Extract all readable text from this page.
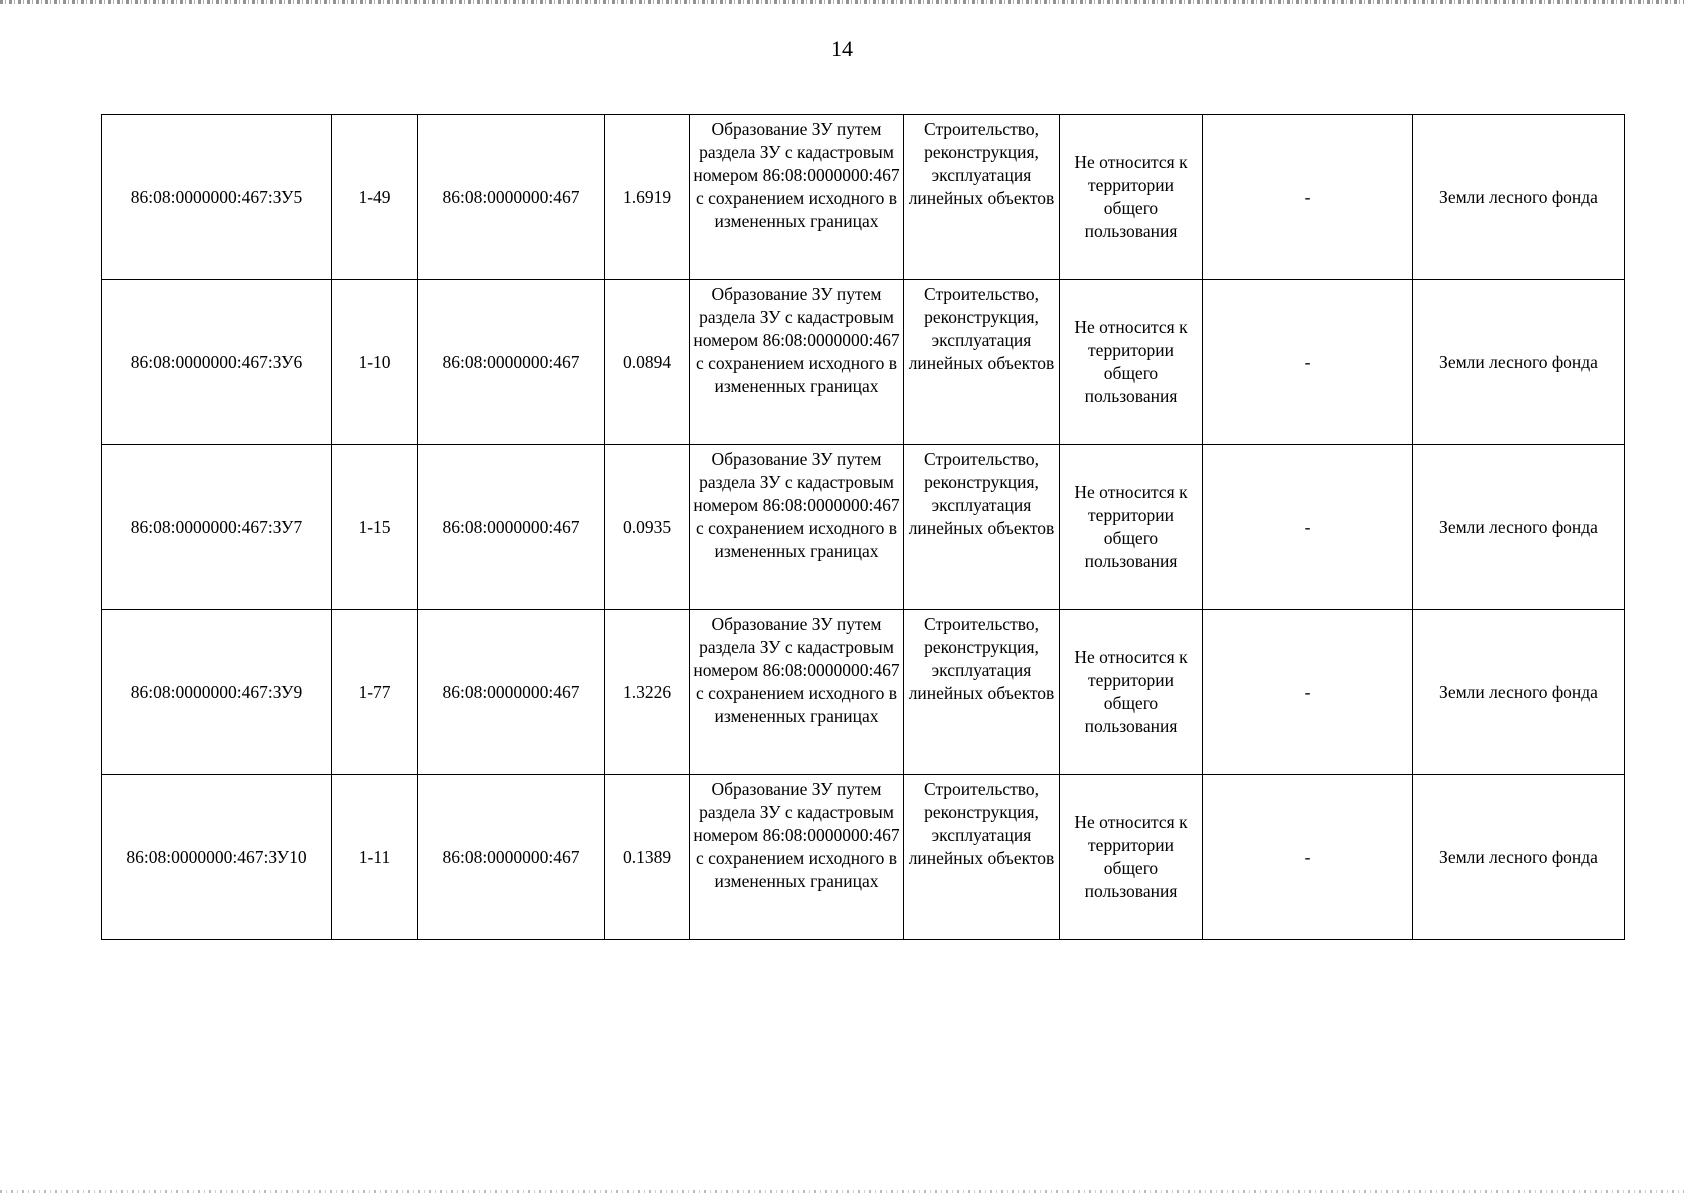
14
86:08:0000000:467:ЗУ5	1-49	86:08:0000000:467	1.6919	Образование ЗУ путем раздела ЗУ с кадастровым номером 86:08:0000000:467 с сохранением исходного в измененных границах	Строительство, реконструкция, эксплуатация линейных объектов	Не относится к территории общего пользования	-	Земли лесного фонда
86:08:0000000:467:ЗУ6	1-10	86:08:0000000:467	0.0894	Образование ЗУ путем раздела ЗУ с кадастровым номером 86:08:0000000:467 с сохранением исходного в измененных границах	Строительство, реконструкция, эксплуатация линейных объектов	Не относится к территории общего пользования	-	Земли лесного фонда
86:08:0000000:467:ЗУ7	1-15	86:08:0000000:467	0.0935	Образование ЗУ путем раздела ЗУ с кадастровым номером 86:08:0000000:467 с сохранением исходного в измененных границах	Строительство, реконструкция, эксплуатация линейных объектов	Не относится к территории общего пользования	-	Земли лесного фонда
86:08:0000000:467:ЗУ9	1-77	86:08:0000000:467	1.3226	Образование ЗУ путем раздела ЗУ с кадастровым номером 86:08:0000000:467 с сохранением исходного в измененных границах	Строительство, реконструкция, эксплуатация линейных объектов	Не относится к территории общего пользования	-	Земли лесного фонда
86:08:0000000:467:ЗУ10	1-11	86:08:0000000:467	0.1389	Образование ЗУ путем раздела ЗУ с кадастровым номером 86:08:0000000:467 с сохранением исходного в измененных границах	Строительство, реконструкция, эксплуатация линейных объектов	Не относится к территории общего пользования	-	Земли лесного фонда
